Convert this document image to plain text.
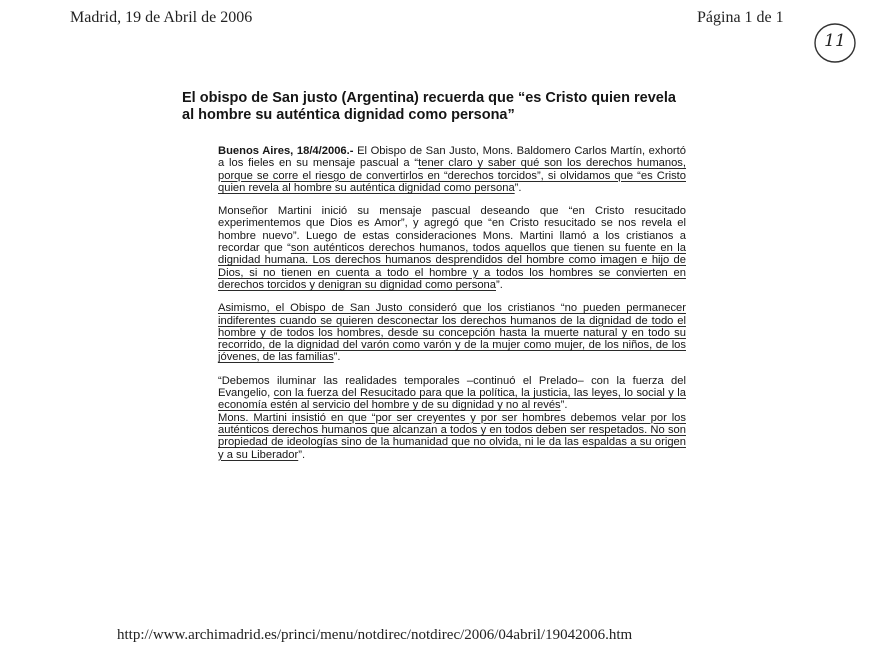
Madrid, 19 de Abril de 2006	Página 1 de 1
11
El obispo de San justo (Argentina) recuerda que “es Cristo quien revela al hombre su auténtica dignidad como persona”

Buenos Aires, 18/4/2006.- El Obispo de San Justo, Mons. Baldomero Carlos Martín, exhortó a los fieles en su mensaje pascual a “tener claro y saber qué son los derechos humanos, porque se corre el riesgo de convertirlos en “derechos torcidos”, si olvidamos que “es Cristo quien revela al hombre su auténtica dignidad como persona”.

Monseñor Martini inició su mensaje pascual deseando que “en Cristo resucitado experimentemos que Dios es Amor”, y agregó que “en Cristo resucitado se nos revela el hombre nuevo”. Luego de estas consideraciones Mons. Martini llamó a los cristianos a recordar que “son auténticos derechos humanos, todos aquellos que tienen su fuente en la dignidad humana. Los derechos humanos desprendidos del hombre como imagen e hijo de Dios, si no tienen en cuenta a todo el hombre y a todos los hombres se convierten en derechos torcidos y denigran su dignidad como persona”.

Asimismo, el Obispo de San Justo consideró que los cristianos “no pueden permanecer indiferentes cuando se quieren desconectar los derechos humanos de la dignidad de todo el hombre y de todos los hombres, desde su concepción hasta la muerte natural y en todo su recorrido, de la dignidad del varón como varón y de la mujer como mujer, de los niños, de los jóvenes, de las familias”.

“Debemos iluminar las realidades temporales –continuó el Prelado– con la fuerza del Evangelio, con la fuerza del Resucitado para que la política, la justicia, las leyes, lo social y la economía estén al servicio del hombre y de su dignidad y no al revés”.

Mons. Martini insistió en que “por ser creyentes y por ser hombres debemos velar por los auténticos derechos humanos que alcanzan a todos y en todos deben ser respetados. No son propiedad de ideologías sino de la humanidad que no olvida, ni le da las espaldas a su origen y a su Liberador”.

http://www.archimadrid.es/princi/menu/notdirec/notdirec/2006/04abril/19042006.htm
